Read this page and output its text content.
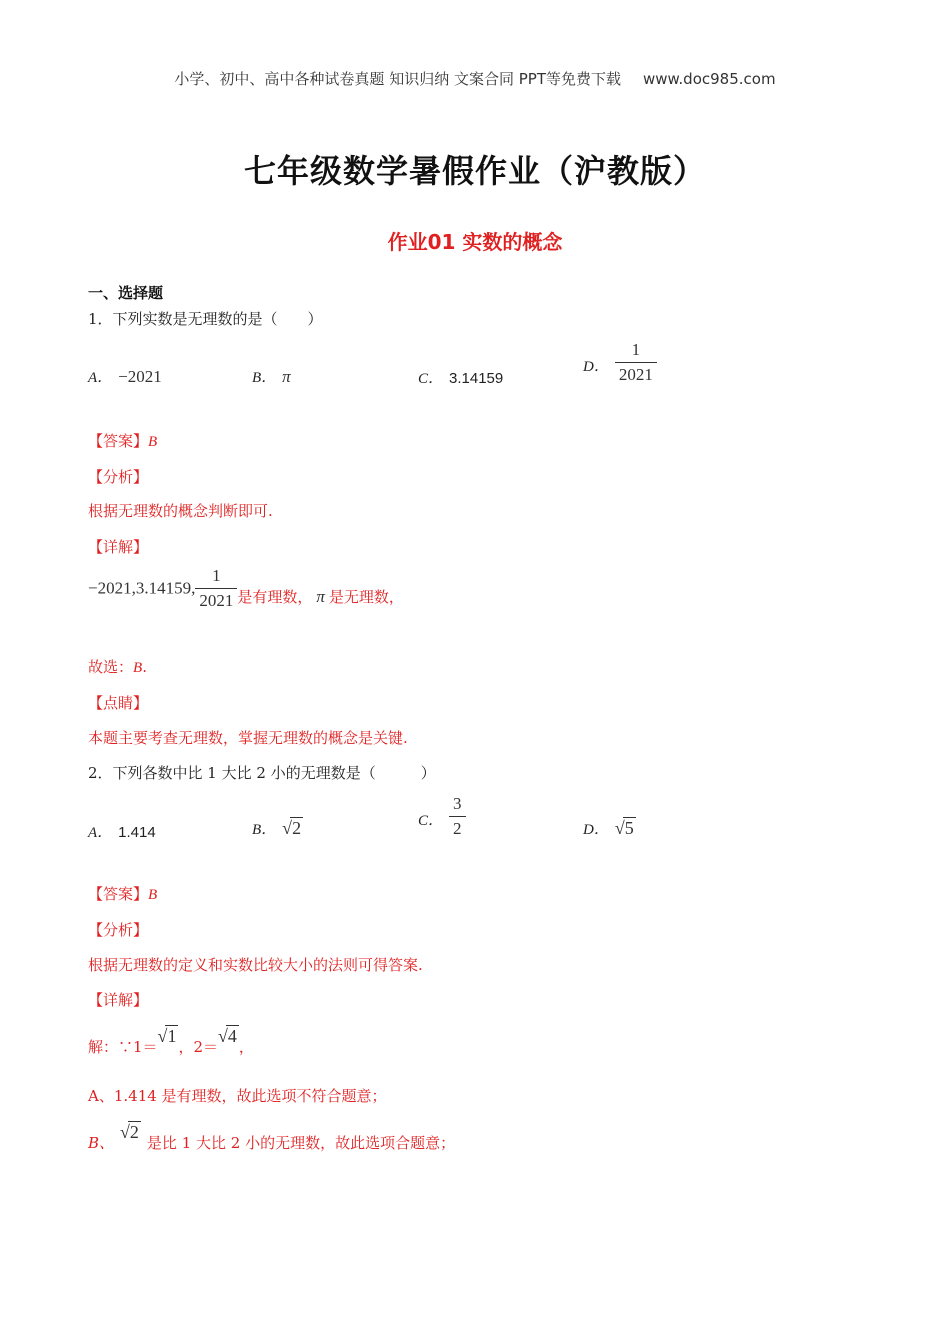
小学、初中、高中各种试卷真题 知识归纳 文案合同 PPT等免费下载 www.doc985.com
七年级数学暑假作业（沪教版）
作业01 实数的概念
一、选择题
1．下列实数是无理数的是（　　）
A． −2021	B． π	C． 3.14159
D． $\frac{1}{2021}$
【答案】B
【分析】
根据无理数的概念判断即可.
【详解】
−2021,3.14159, $\frac{1}{2021}$ 是有理数， π 是无理数，
故选：B.
【点睛】
本题主要考查无理数，掌握无理数的概念是关键.
2．下列各数中比 1 大比 2 小的无理数是（　　　）
A． 1.414	B． √2	C． $\frac{3}{2}$	D． √5
【答案】B
【分析】
根据无理数的定义和实数比较大小的法则可得答案.
【详解】
解：∵1＝√1，2＝√4，
A、1.414 是有理数，故此选项不符合题意；
B、√2是比 1 大比 2 小的无理数，故此选项合题意；
